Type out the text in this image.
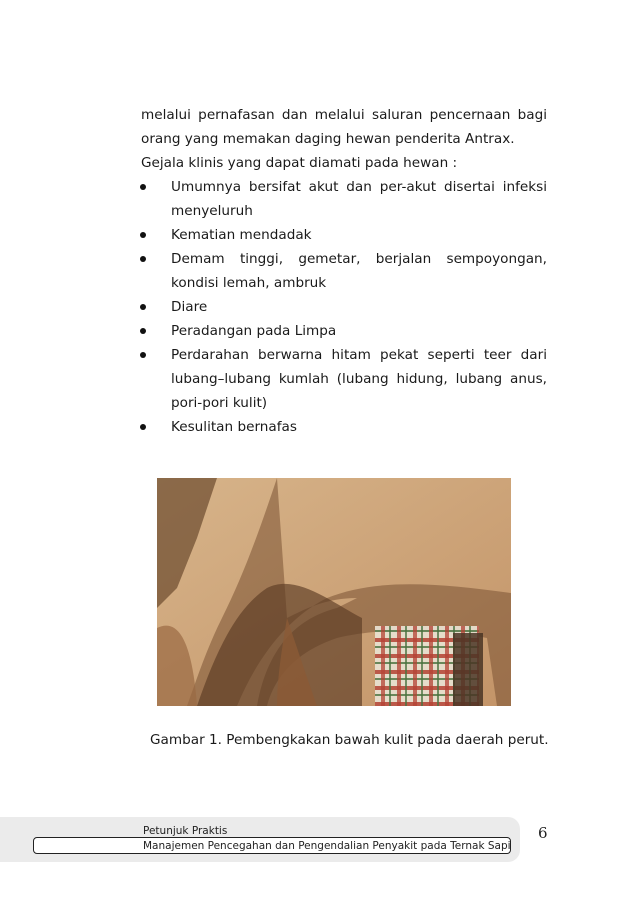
melalui pernafasan dan melalui saluran pencernaan bagi

orang yang memakan daging hewan penderita Antrax.

Gejala klinis yang dapat diamati pada hewan :

Umumnya bersifat akut dan per-akut disertai infeksi menyeluruh
Kematian mendadak
Demam tinggi, gemetar, berjalan sempoyongan, kondisi lemah, ambruk
Diare
Peradangan pada Limpa
Perdarahan berwarna hitam pekat seperti teer dari lubang–lubang kumlah (lubang hidung, lubang anus, pori-pori kulit)
Kesulitan bernafas
Gambar 1. Pembengkakan bawah kulit pada daerah perut.
Petunjuk Praktis
Manajemen Pencegahan dan Pengendalian Penyakit pada Ternak Sapi
6
